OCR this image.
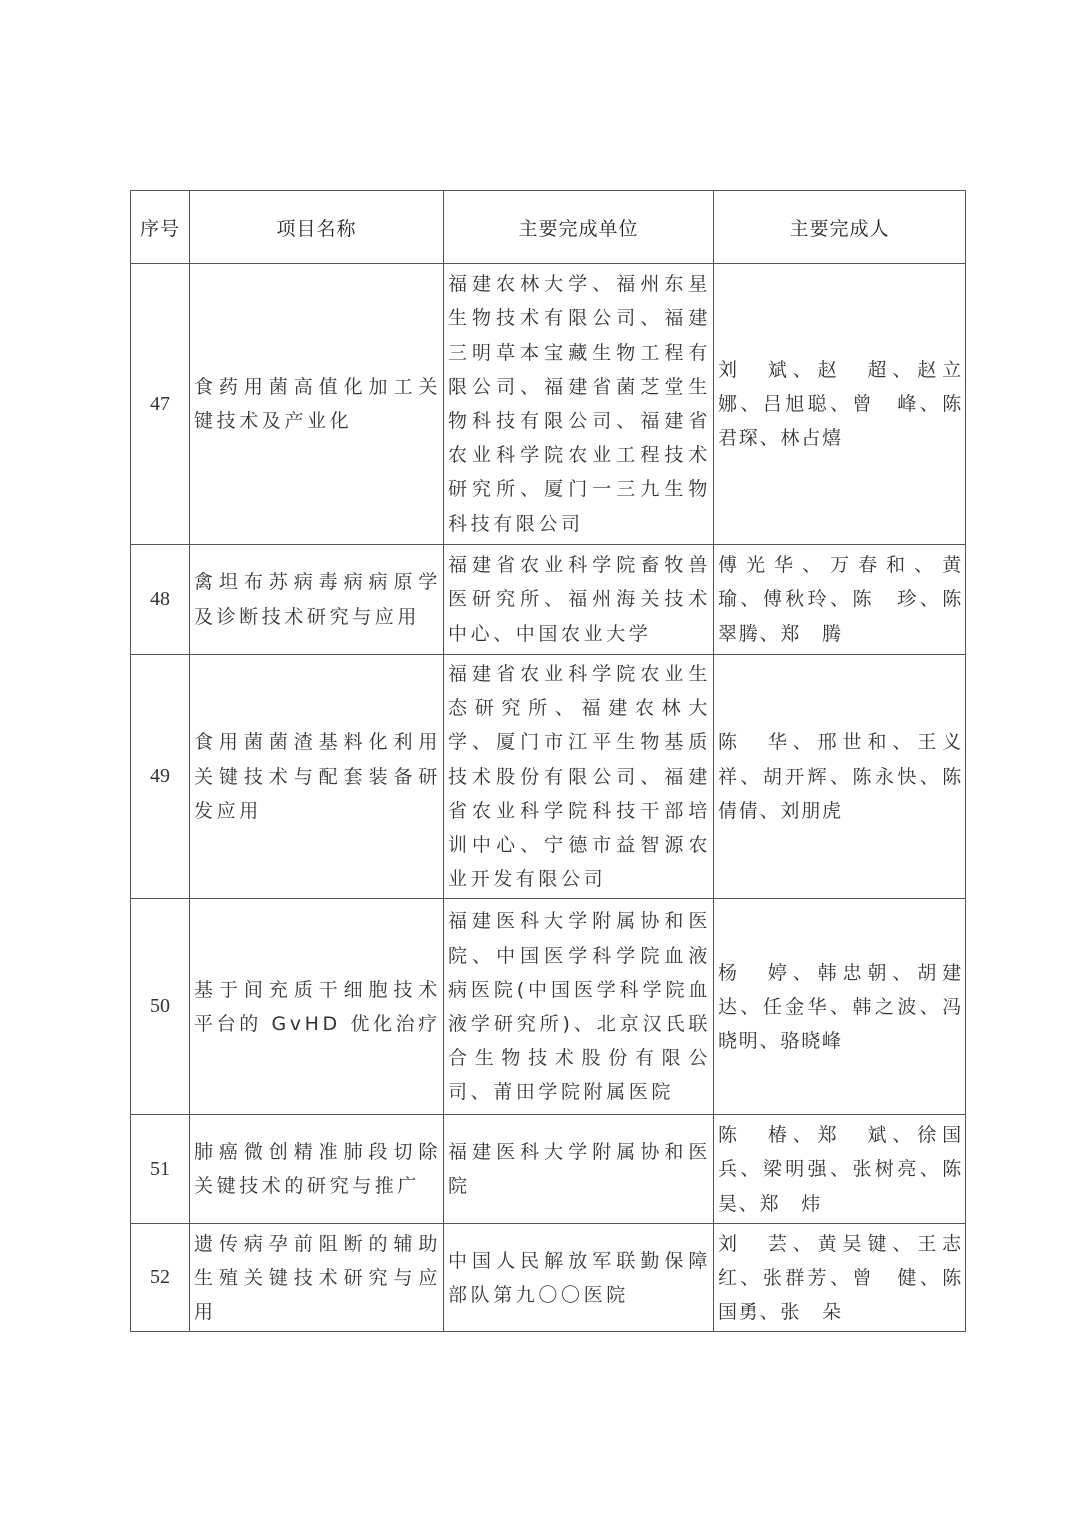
序号	项目名称	主要完成单位	主要完成人
47	食药用菌高值化加工关键技术及产业化	福建农林大学、福州东星生物技术有限公司、福建三明草本宝藏生物工程有限公司、福建省菌芝堂生物科技有限公司、福建省农业科学院农业工程技术研究所、厦门一三九生物科技有限公司	刘　斌、赵　超、赵立娜、吕旭聪、曾　峰、陈君琛、林占熺

48	禽坦布苏病毒病病原学及诊断技术研究与应用	福建省农业科学院畜牧兽医研究所、福州海关技术中心、中国农业大学	傅光华、万春和、黄　瑜、傅秋玲、陈　珍、陈翠腾、郑　腾

49	食用菌菌渣基料化利用关键技术与配套装备研发应用	福建省农业科学院农业生态研究所、福建农林大学、厦门市江平生物基质技术股份有限公司、福建省农业科学院科技干部培训中心、宁德市益智源农业开发有限公司	陈　华、邢世和、王义祥、胡开辉、陈永快、陈倩倩、刘朋虎

50	基于间充质干细胞技术平台的 GvHD 优化治疗	福建医科大学附属协和医院、中国医学科学院血液病医院(中国医学科学院血液学研究所)、北京汉氏联合生物技术股份有限公司、莆田学院附属医院	杨　婷、韩忠朝、胡建达、任金华、韩之波、冯晓明、骆晓峰

51	肺癌微创精准肺段切除关键技术的研究与推广	福建医科大学附属协和医院	陈　椿、郑　斌、徐国兵、梁明强、张树亮、陈　昊、郑　炜

52	遗传病孕前阻断的辅助生殖关键技术研究与应用	中国人民解放军联勤保障部队第九〇〇医院	刘　芸、黄吴键、王志红、张群芳、曾　健、陈国勇、张　朵
